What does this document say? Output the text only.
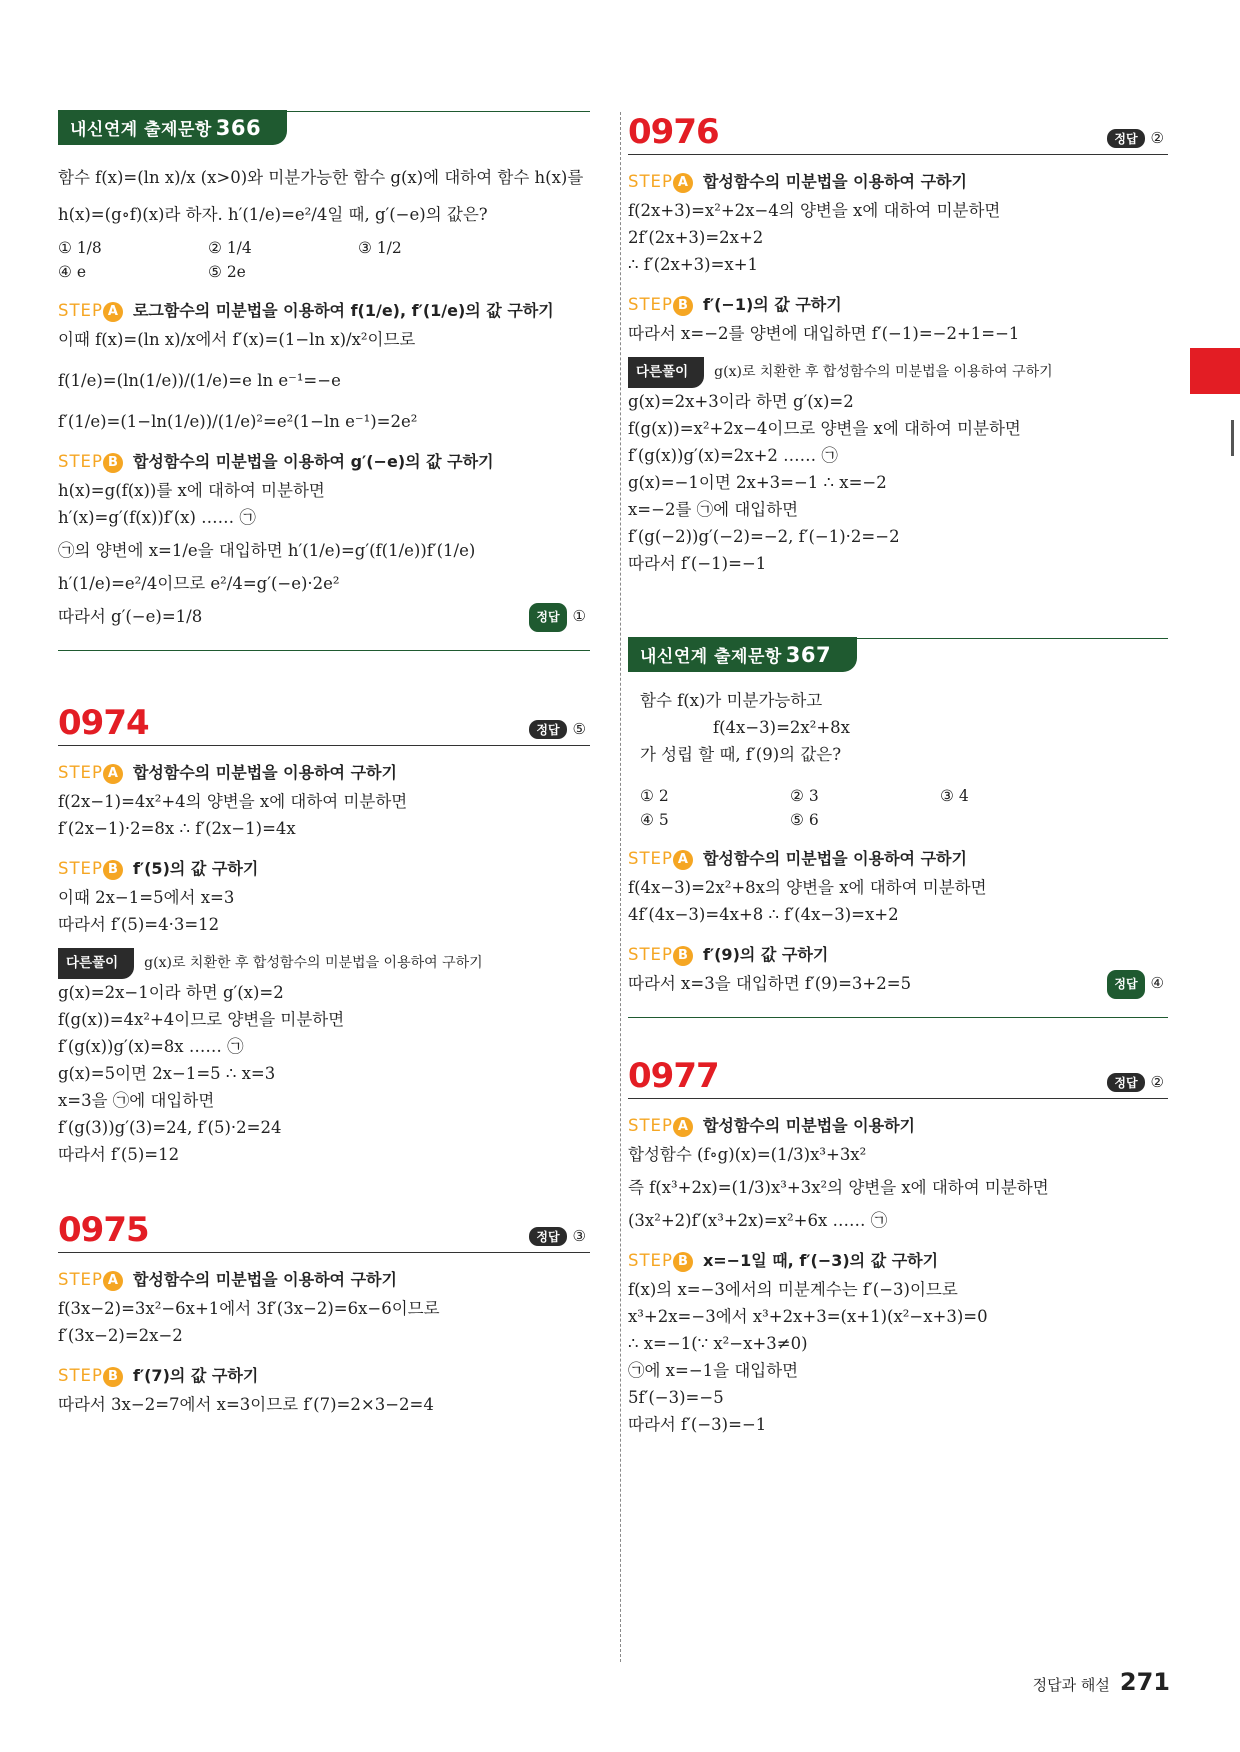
내신연계 출제문항 366
함수 f(x)=(ln x)/x (x>0)와 미분가능한 함수 g(x)에 대하여 함수 h(x)를
h(x)=(g∘f)(x)라 하자. h′(1/e)=e²/4일 때, g′(−e)의 값은?
① 1/8	② 1/4	③ 1/2
④ e	⑤ 2e
STEP A 로그함수의 미분법을 이용하여 f(1/e), f′(1/e)의 값 구하기
이때 f(x)=(ln x)/x에서 f′(x)=(1−ln x)/x²이므로
f(1/e)=(ln(1/e))/(1/e)=e ln e⁻¹=−e
f′(1/e)=(1−ln(1/e))/(1/e)²=e²(1−ln e⁻¹)=2e²
STEP B 합성함수의 미분법을 이용하여 g′(−e)의 값 구하기
h(x)=g(f(x))를 x에 대하여 미분하면
h′(x)=g′(f(x))f′(x) …… ㉠
㉠의 양변에 x=1/e을 대입하면 h′(1/e)=g′(f(1/e))f′(1/e)
h′(1/e)=e²/4이므로 e²/4=g′(−e)·2e²
따라서 g′(−e)=1/8	정답 ①
0974	정답 ⑤
STEP A 합성함수의 미분법을 이용하여 구하기
f(2x−1)=4x²+4의 양변을 x에 대하여 미분하면
f′(2x−1)·2=8x ∴ f′(2x−1)=4x
STEP B f′(5)의 값 구하기
이때 2x−1=5에서 x=3
따라서 f′(5)=4·3=12
다른풀이 g(x)로 치환한 후 합성함수의 미분법을 이용하여 구하기
g(x)=2x−1이라 하면 g′(x)=2
f(g(x))=4x²+4이므로 양변을 미분하면
f′(g(x))g′(x)=8x …… ㉠
g(x)=5이면 2x−1=5 ∴ x=3
x=3을 ㉠에 대입하면
f′(g(3))g′(3)=24, f′(5)·2=24
따라서 f′(5)=12
0975	정답 ③
STEP A 합성함수의 미분법을 이용하여 구하기
f(3x−2)=3x²−6x+1에서 3f′(3x−2)=6x−6이므로
f′(3x−2)=2x−2
STEP B f′(7)의 값 구하기
따라서 3x−2=7에서 x=3이므로 f′(7)=2×3−2=4
0976	정답 ②
STEP A 합성함수의 미분법을 이용하여 구하기
f(2x+3)=x²+2x−4의 양변을 x에 대하여 미분하면
2f′(2x+3)=2x+2
∴ f′(2x+3)=x+1
STEP B f′(−1)의 값 구하기
따라서 x=−2를 양변에 대입하면 f′(−1)=−2+1=−1
다른풀이 g(x)로 치환한 후 합성함수의 미분법을 이용하여 구하기
g(x)=2x+3이라 하면 g′(x)=2
f(g(x))=x²+2x−4이므로 양변을 x에 대하여 미분하면
f′(g(x))g′(x)=2x+2 …… ㉠
g(x)=−1이면 2x+3=−1 ∴ x=−2
x=−2를 ㉠에 대입하면
f′(g(−2))g′(−2)=−2, f′(−1)·2=−2
따라서 f′(−1)=−1
내신연계 출제문항 367
함수 f(x)가 미분가능하고
f(4x−3)=2x²+8x
가 성립 할 때, f′(9)의 값은?
① 2	② 3	③ 4
④ 5	⑤ 6
STEP A 합성함수의 미분법을 이용하여 구하기
f(4x−3)=2x²+8x의 양변을 x에 대하여 미분하면
4f′(4x−3)=4x+8 ∴ f′(4x−3)=x+2
STEP B f′(9)의 값 구하기
따라서 x=3을 대입하면 f′(9)=3+2=5	정답 ④
0977	정답 ②
STEP A 합성함수의 미분법을 이용하기
합성함수 (f∘g)(x)=(1/3)x³+3x²
즉 f(x³+2x)=(1/3)x³+3x²의 양변을 x에 대하여 미분하면
(3x²+2)f′(x³+2x)=x²+6x …… ㉠
STEP B x=−1일 때, f′(−3)의 값 구하기
f(x)의 x=−3에서의 미분계수는 f′(−3)이므로
x³+2x=−3에서 x³+2x+3=(x+1)(x²−x+3)=0
∴ x=−1(∵ x²−x+3≠0)
㉠에 x=−1을 대입하면
5f′(−3)=−5
따라서 f′(−3)=−1
정답과 해설 271
